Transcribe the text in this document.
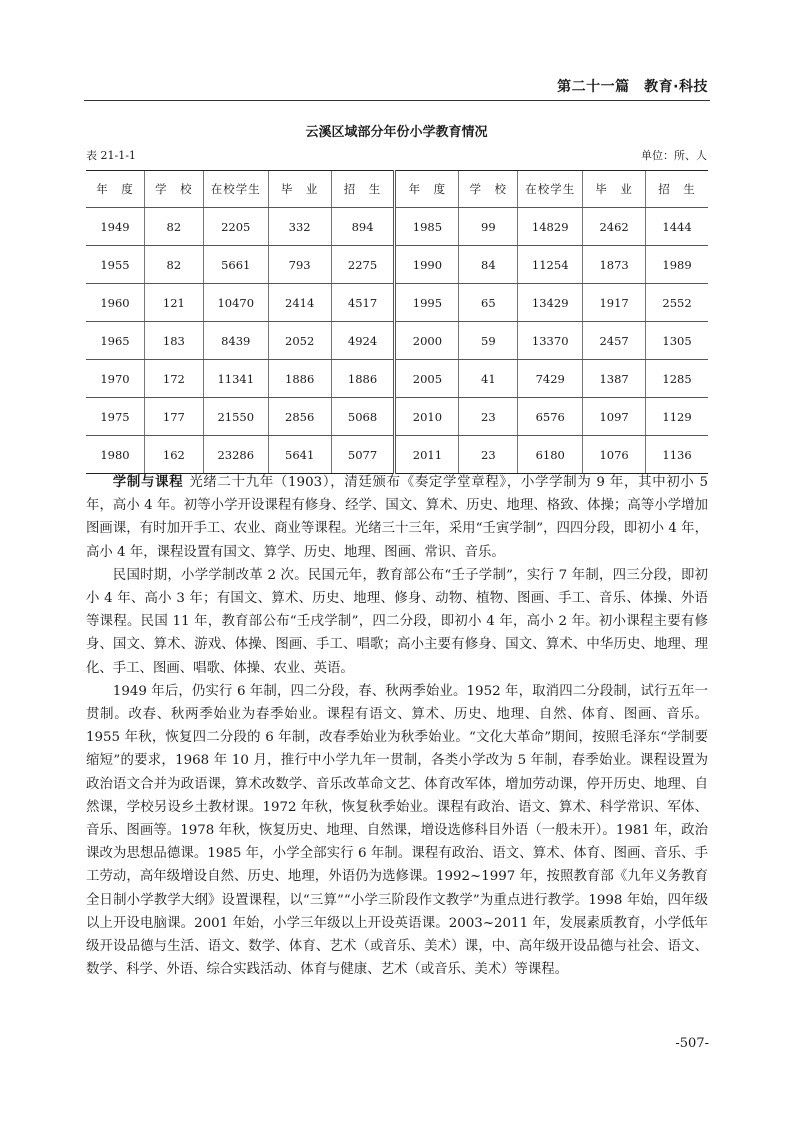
第二十一篇　教育·科技
云溪区域部分年份小学教育情况
表 21-1-1	单位：所、人
年　度	学　校	在校学生	毕　业	招　生	年　度	学　校	在校学生	毕　业	招　生
1949	82	2205	332	894	1985	99	14829	2462	1444
1955	82	5661	793	2275	1990	84	11254	1873	1989
1960	121	10470	2414	4517	1995	65	13429	1917	2552
1965	183	8439	2052	4924	2000	59	13370	2457	1305
1970	172	11341	1886	1886	2005	41	7429	1387	1285
1975	177	21550	2856	5068	2010	23	6576	1097	1129
1980	162	23286	5641	5077	2011	23	6180	1076	1136

学制与课程 光绪二十九年（1903），清廷颁布《奏定学堂章程》，小学学制为 9 年，其中初小 5 年，高小 4 年。初等小学开设课程有修身、经学、国文、算术、历史、地理、格致、体操；高等小学增加图画课，有时加开手工、农业、商业等课程。光绪三十三年，采用“壬寅学制”，四四分段，即初小 4 年，高小 4 年，课程设置有国文、算学、历史、地理、图画、常识、音乐。

民国时期，小学学制改革 2 次。民国元年，教育部公布“壬子学制”，实行 7 年制，四三分段，即初小 4 年、高小 3 年；有国文、算术、历史、地理、修身、动物、植物、图画、手工、音乐、体操、外语等课程。民国 11 年，教育部公布“壬戌学制”，四二分段，即初小 4 年，高小 2 年。初小课程主要有修身、国文、算术、游戏、体操、图画、手工、唱歌；高小主要有修身、国文、算术、中华历史、地理、理化、手工、图画、唱歌、体操、农业、英语。

1949 年后，仍实行 6 年制，四二分段，春、秋两季始业。1952 年，取消四二分段制，试行五年一贯制。改春、秋两季始业为春季始业。课程有语文、算术、历史、地理、自然、体育、图画、音乐。1955 年秋，恢复四二分段的 6 年制，改春季始业为秋季始业。“文化大革命”期间，按照毛泽东“学制要缩短”的要求，1968 年 10 月，推行中小学九年一贯制，各类小学改为 5 年制，春季始业。课程设置为政治语文合并为政语课，算术改数学、音乐改革命文艺、体育改军体，增加劳动课，停开历史、地理、自然课，学校另设乡土教材课。1972 年秋，恢复秋季始业。课程有政治、语文、算术、科学常识、军体、音乐、图画等。1978 年秋，恢复历史、地理、自然课，增设选修科目外语（一般未开）。1981 年，政治课改为思想品德课。1985 年，小学全部实行 6 年制。课程有政治、语文、算术、体育、图画、音乐、手工劳动，高年级增设自然、历史、地理，外语仍为选修课。1992~1997 年，按照教育部《九年义务教育全日制小学教学大纲》设置课程，以“三算”“小学三阶段作文教学”为重点进行教学。1998 年始，四年级以上开设电脑课。2001 年始，小学三年级以上开设英语课。2003~2011 年，发展素质教育，小学低年级开设品德与生活、语文、数学、体育、艺术（或音乐、美术）课，中、高年级开设品德与社会、语文、数学、科学、外语、综合实践活动、体育与健康、艺术（或音乐、美术）等课程。

-507-
